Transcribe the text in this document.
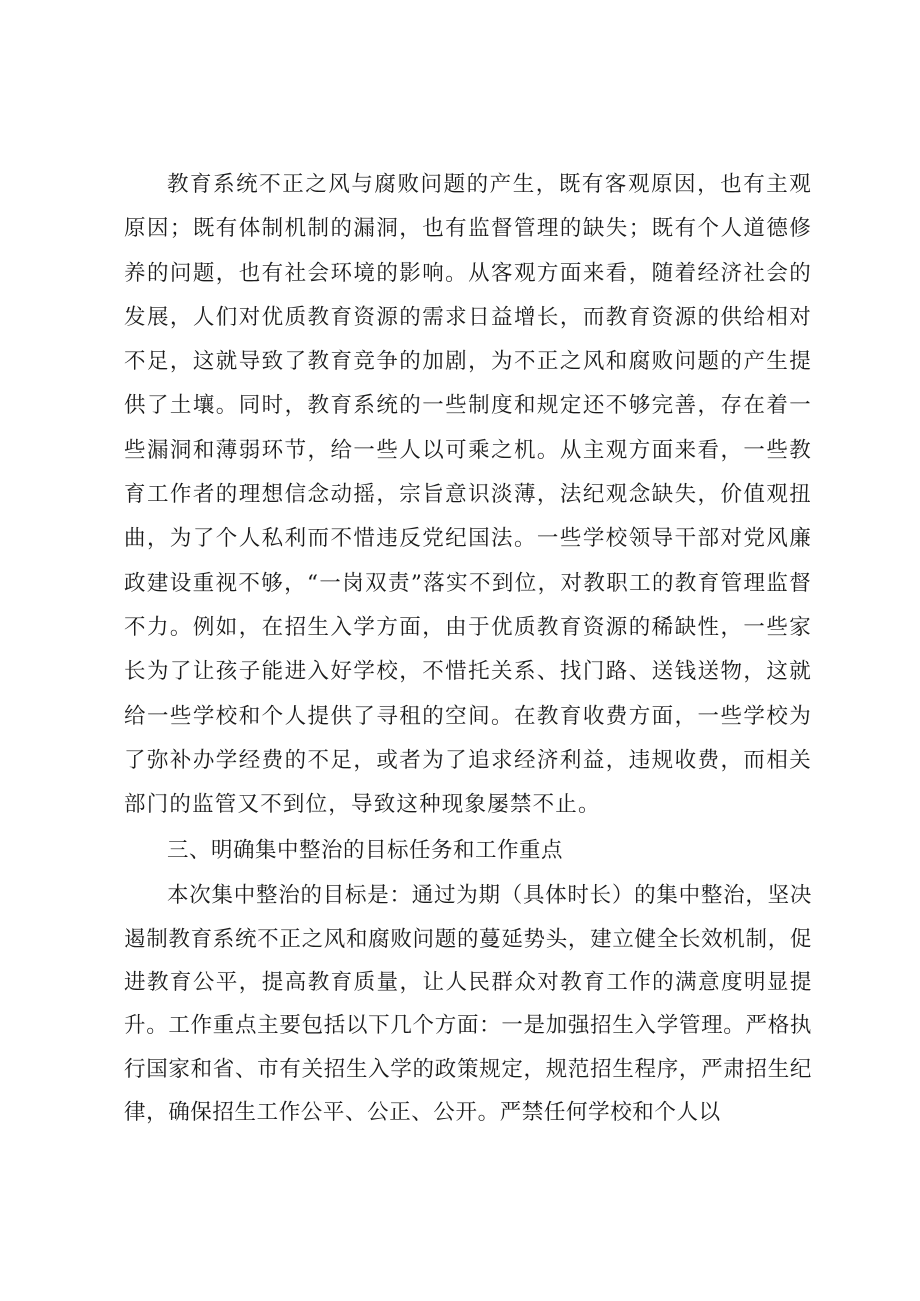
教育系统不正之风与腐败问题的产生，既有客观原因，也有主观原因；既有体制机制的漏洞，也有监督管理的缺失；既有个人道德修养的问题，也有社会环境的影响。从客观方面来看，随着经济社会的发展，人们对优质教育资源的需求日益增长，而教育资源的供给相对不足，这就导致了教育竞争的加剧，为不正之风和腐败问题的产生提供了土壤。同时，教育系统的一些制度和规定还不够完善，存在着一些漏洞和薄弱环节，给一些人以可乘之机。从主观方面来看，一些教育工作者的理想信念动摇，宗旨意识淡薄，法纪观念缺失，价值观扭曲，为了个人私利而不惜违反党纪国法。一些学校领导干部对党风廉政建设重视不够，“一岗双责”落实不到位，对教职工的教育管理监督不力。例如，在招生入学方面，由于优质教育资源的稀缺性，一些家长为了让孩子能进入好学校，不惜托关系、找门路、送钱送物，这就给一些学校和个人提供了寻租的空间。在教育收费方面，一些学校为了弥补办学经费的不足，或者为了追求经济利益，违规收费，而相关部门的监管又不到位，导致这种现象屡禁不止。

三、明确集中整治的目标任务和工作重点

本次集中整治的目标是：通过为期（具体时长）的集中整治，坚决遏制教育系统不正之风和腐败问题的蔓延势头，建立健全长效机制，促进教育公平，提高教育质量，让人民群众对教育工作的满意度明显提升。工作重点主要包括以下几个方面：一是加强招生入学管理。严格执行国家和省、市有关招生入学的政策规定，规范招生程序，严肃招生纪律，确保招生工作公平、公正、公开。严禁任何学校和个人以
